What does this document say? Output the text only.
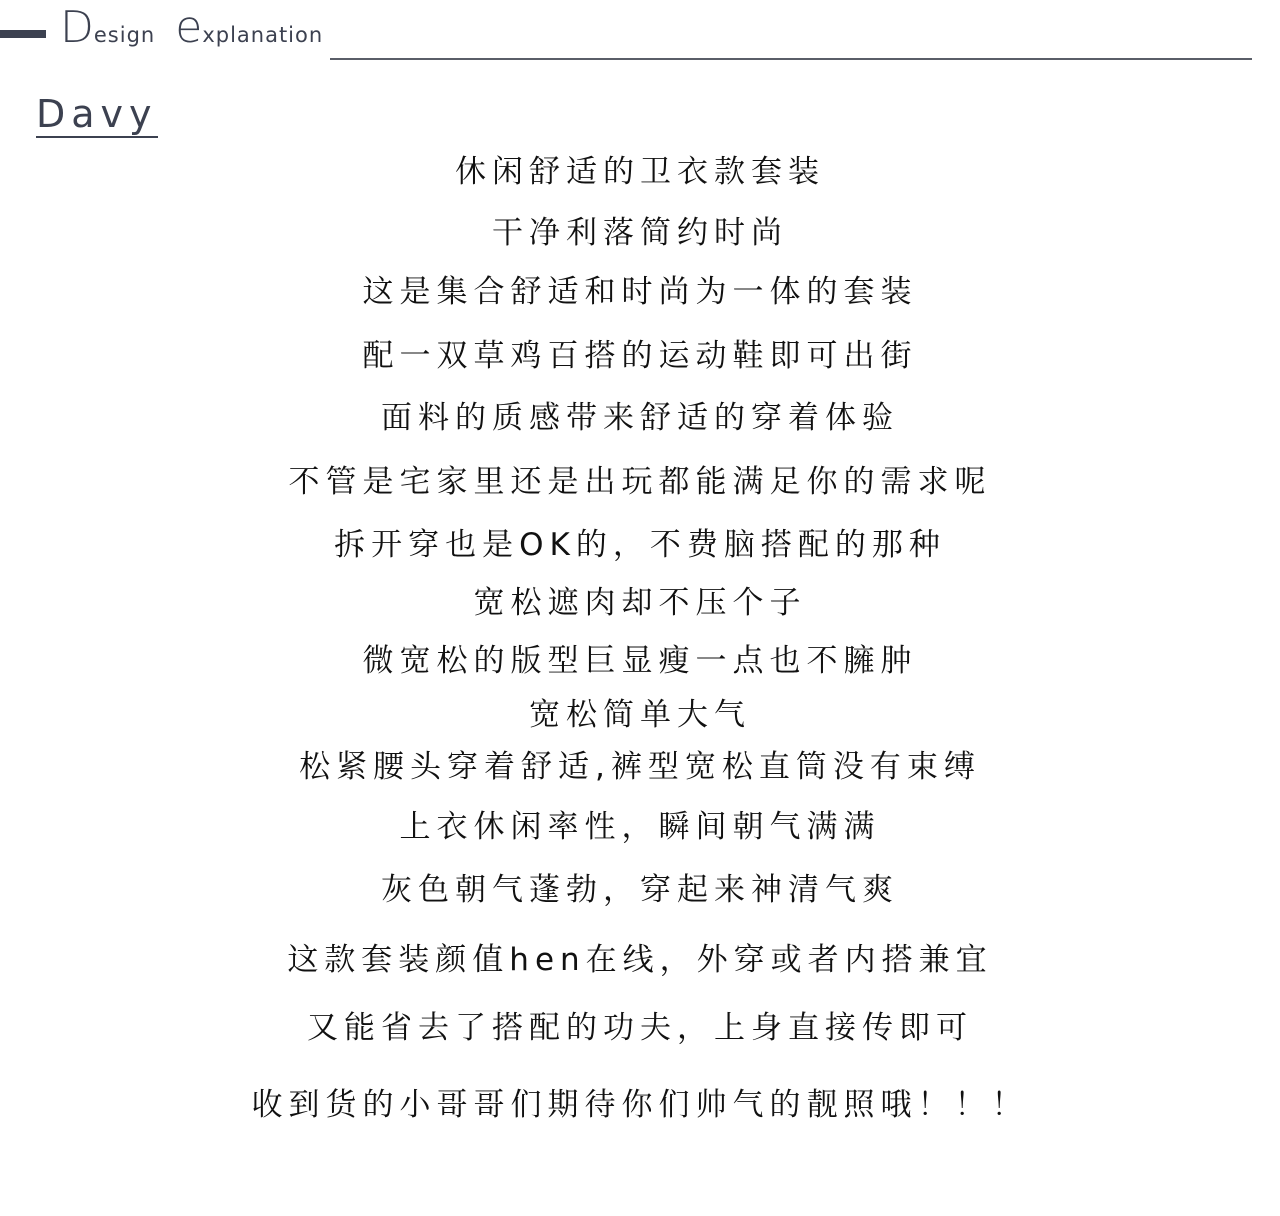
Design explanation
Davy
休闲舒适的卫衣款套装
干净利落简约时尚
这是集合舒适和时尚为一体的套装
配一双草鸡百搭的运动鞋即可出街
面料的质感带来舒适的穿着体验
不管是宅家里还是出玩都能满足你的需求呢
拆开穿也是OK的，不费脑搭配的那种
宽松遮肉却不压个子
微宽松的版型巨显瘦一点也不臃肿
宽松简单大气
松紧腰头穿着舒适,裤型宽松直筒没有束缚
上衣休闲率性，瞬间朝气满满
灰色朝气蓬勃，穿起来神清气爽
这款套装颜值hen在线，外穿或者内搭兼宜
又能省去了搭配的功夫，上身直接传即可
收到货的小哥哥们期待你们帅气的靓照哦！！！
